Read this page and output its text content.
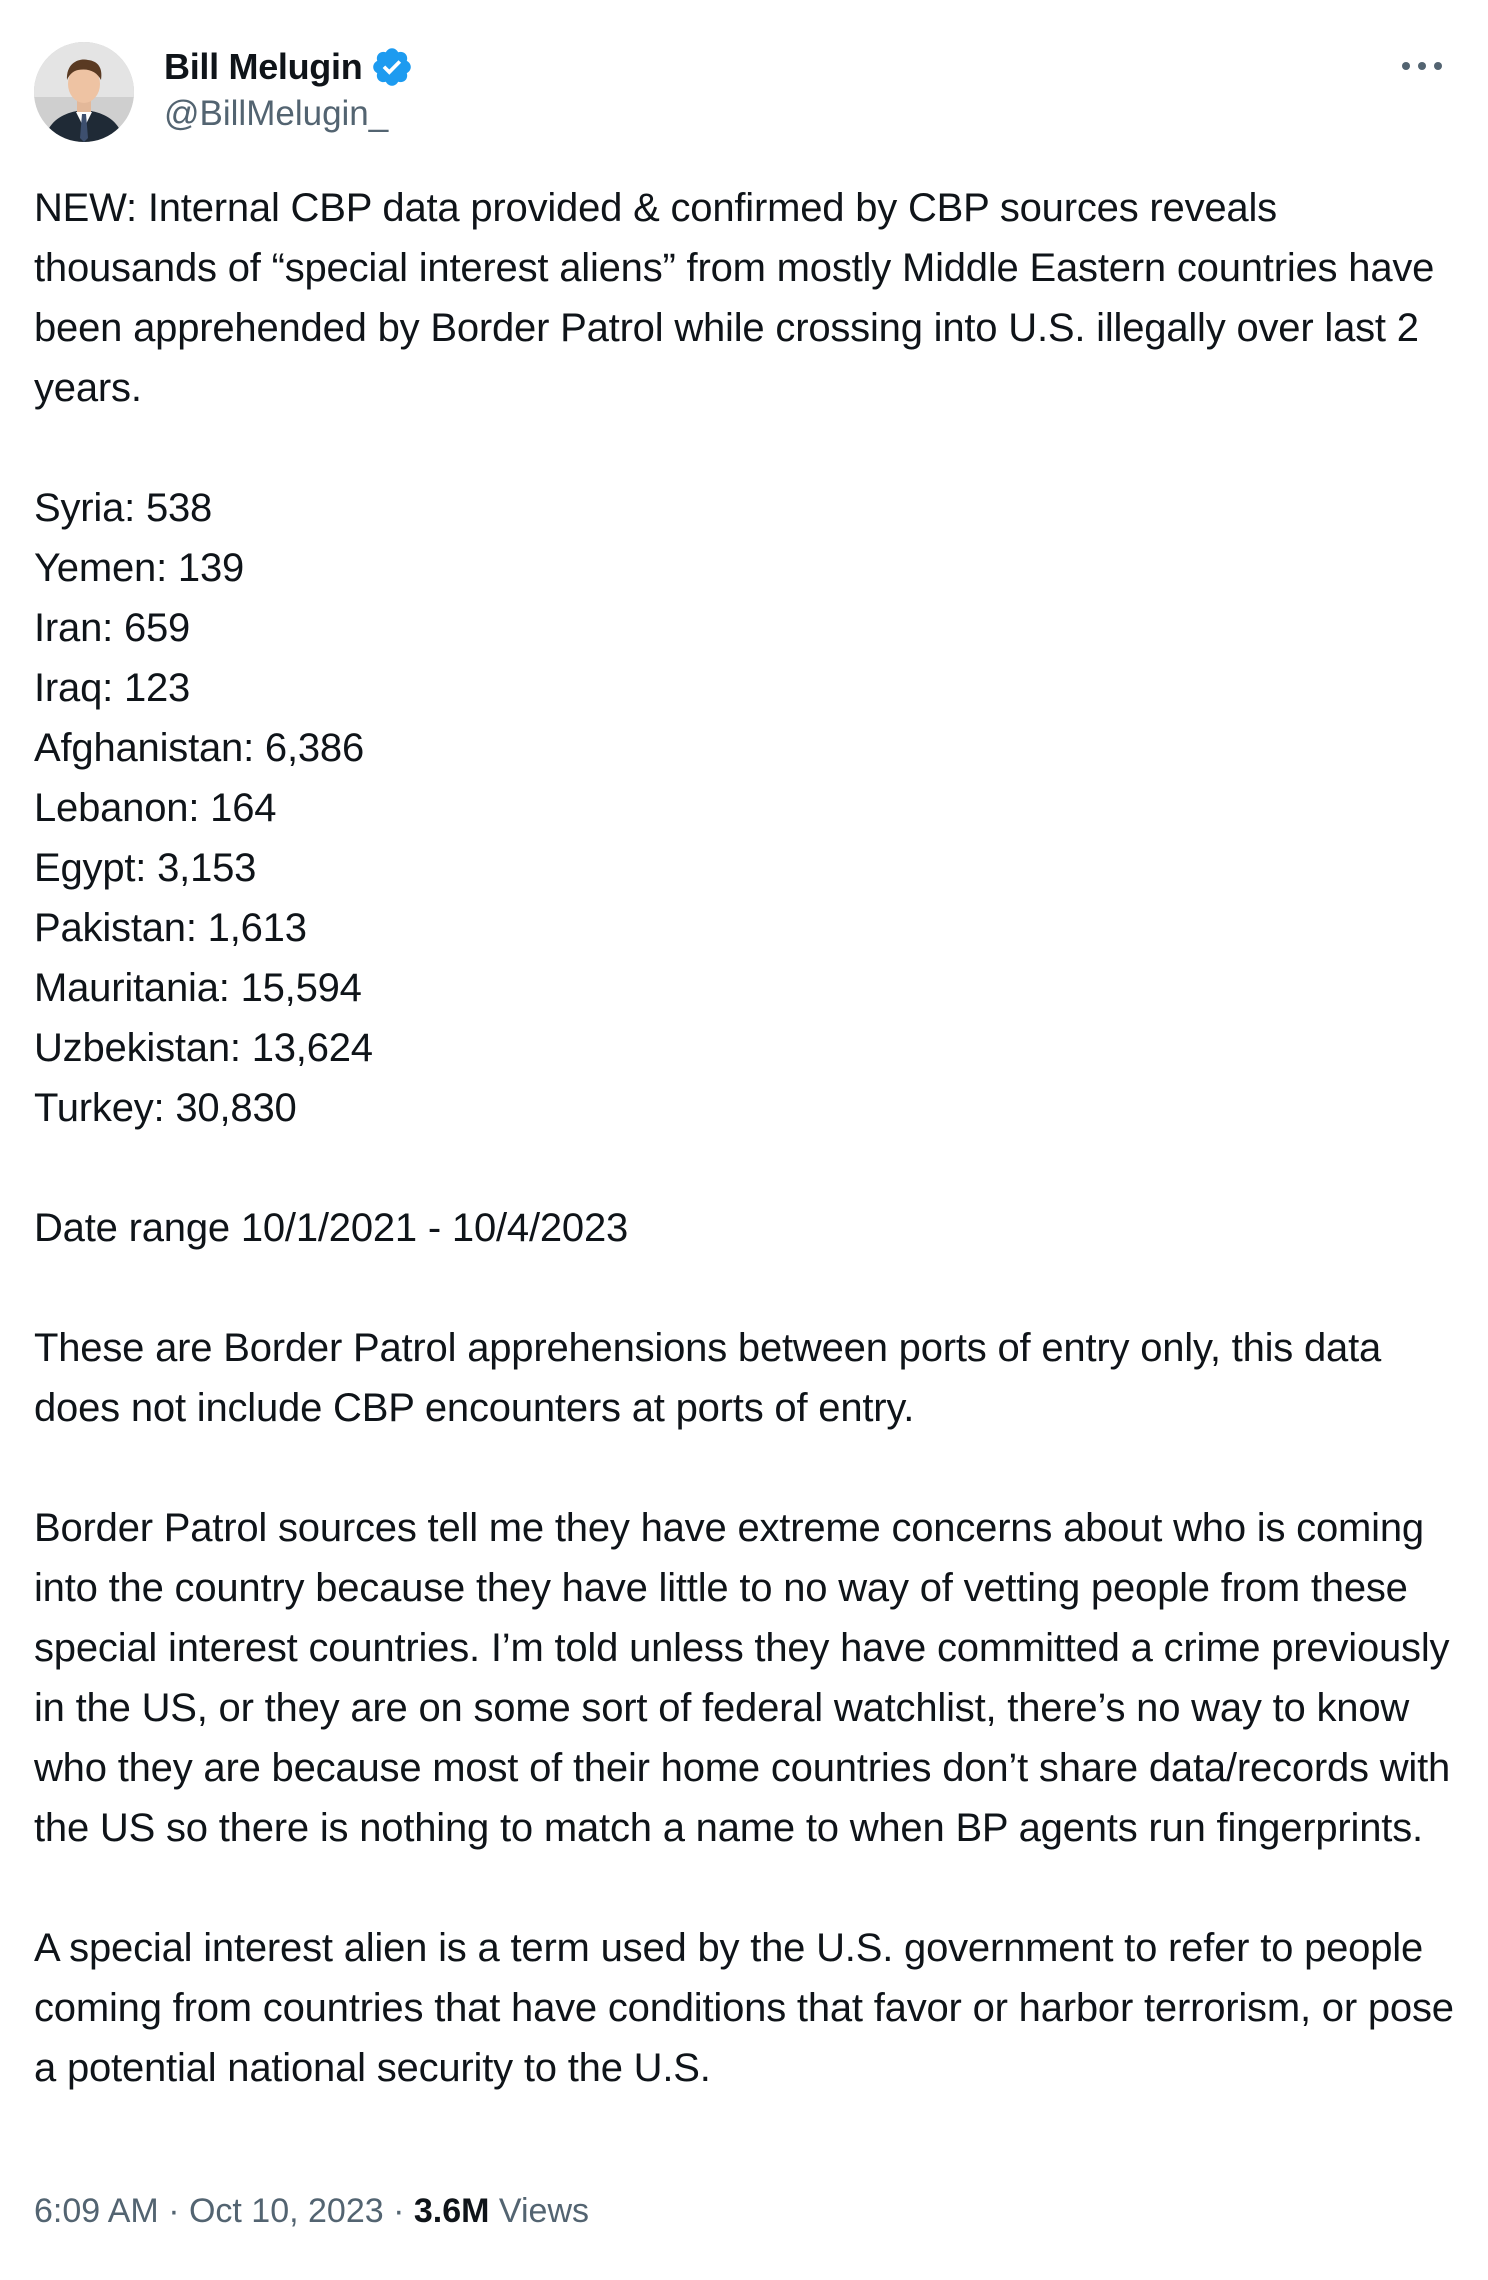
Bill Melugin
@BillMelugin_
NEW: Internal CBP data provided & confirmed by CBP sources reveals thousands of “special interest aliens” from mostly Middle Eastern countries have been apprehended by Border Patrol while crossing into U.S. illegally over last 2 years.

Syria: 538
Yemen: 139
Iran: 659
Iraq: 123
Afghanistan: 6,386
Lebanon: 164
Egypt: 3,153
Pakistan: 1,613
Mauritania: 15,594
Uzbekistan: 13,624
Turkey: 30,830

Date range 10/1/2021 - 10/4/2023

These are Border Patrol apprehensions between ports of entry only, this data does not include CBP encounters at ports of entry.

Border Patrol sources tell me they have extreme concerns about who is coming into the country because they have little to no way of vetting people from these special interest countries. I’m told unless they have committed a crime previously in the US, or they are on some sort of federal watchlist, there’s no way to know who they are because most of their home countries don’t share data/records with the US so there is nothing to match a name to when BP agents run fingerprints.

A special interest alien is a term used by the U.S. government to refer to people coming from countries that have conditions that favor or harbor terrorism, or pose a potential national security to the U.S.
6:09 AM · Oct 10, 2023 · 3.6M
Views
